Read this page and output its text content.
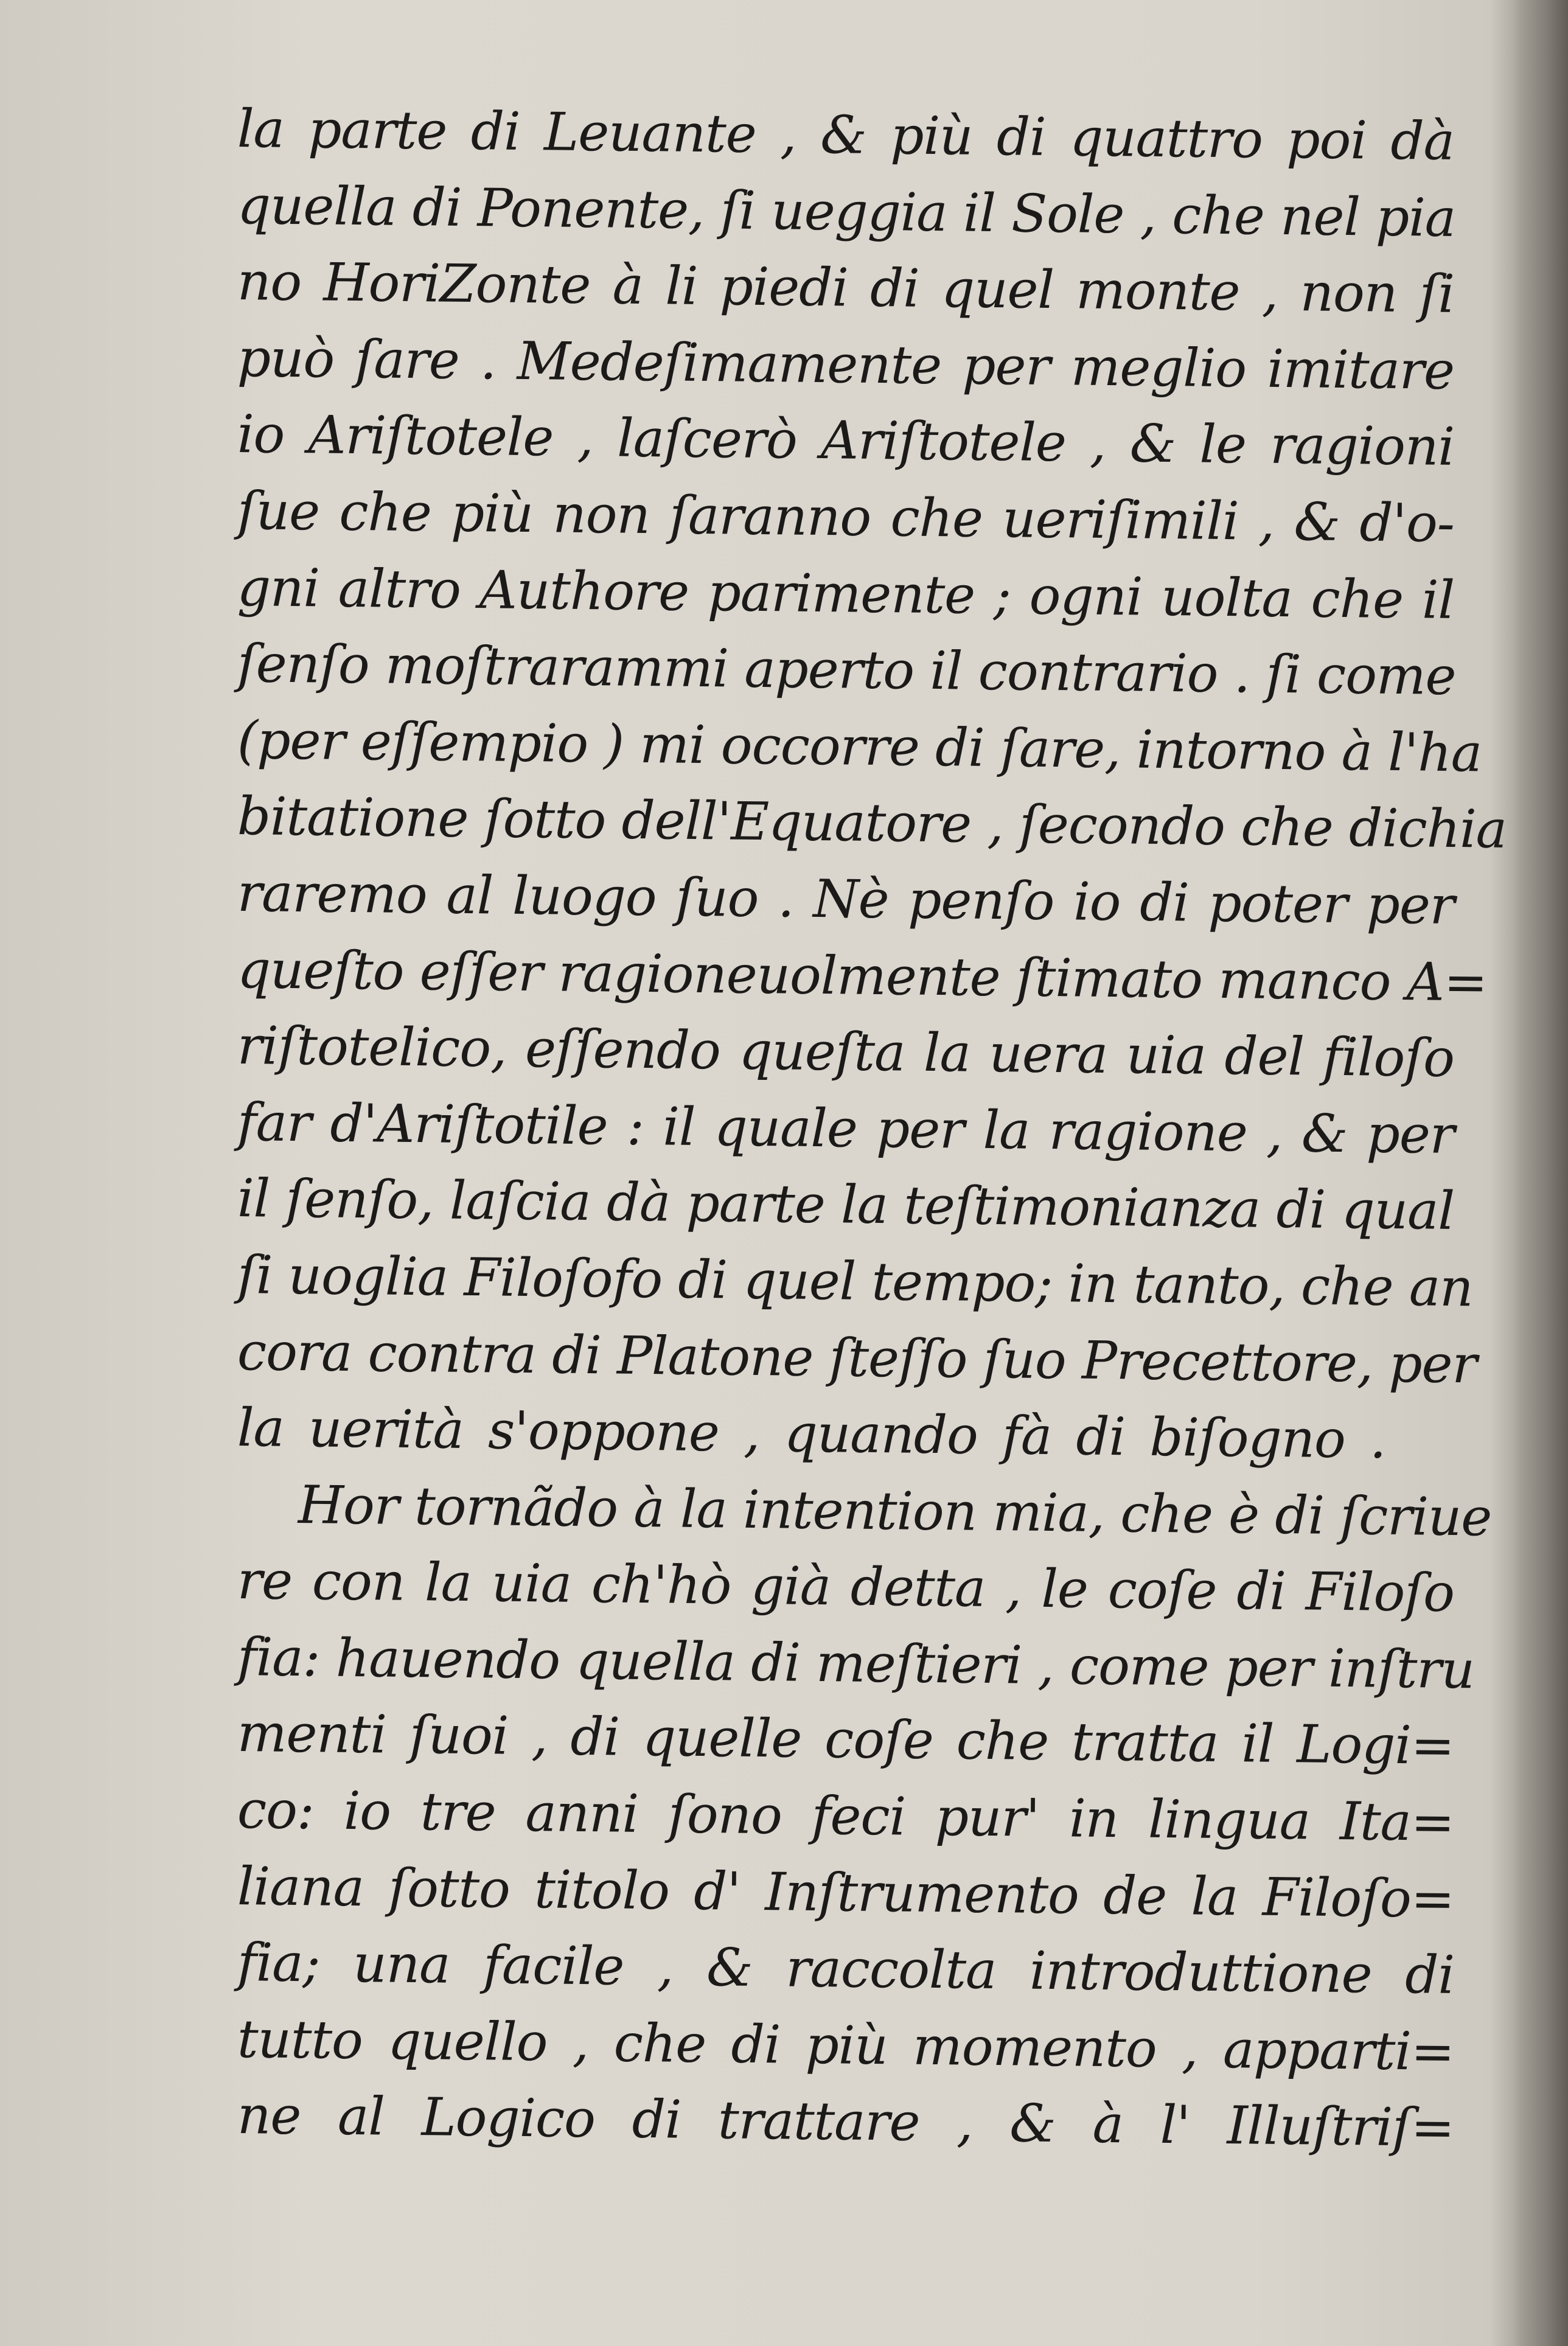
la parte di Leuante , & più di quattro poi dà
quella di Ponente, ſi ueggia il Sole , che nel pia
no HoriZonte à li piedi di quel monte , non ſi
può ſare . Medeſimamente per meglio imitare
io Ariſtotele , laſcerò Ariſtotele , & le ragioni
ſue che più non ſaranno che ueriſimili , & d'o-
gni altro Authore parimente ; ogni uolta che il
ſenſo moſtrarammi aperto il contrario . ſi come
(per eſſempio ) mi occorre di ſare, intorno à l'ha
bitatione ſotto dell'Equatore , ſecondo che dichia
raremo al luogo ſuo . Nè penſo io di poter per
queſto eſſer ragioneuolmente ſtimato manco A=
riſtotelico, eſſendo queſta la uera uia del filoſo
far d'Ariſtotile : il quale per la ragione , & per
il ſenſo, laſcia dà parte la teſtimonianza di qual
ſi uoglia Filoſofo di quel tempo; in tanto, che an
cora contra di Platone ſteſſo ſuo Precettore, per
la uerità s'oppone , quando fà di biſogno .
Hor tornãdo à la intention mia, che è di ſcriue
re con la uia ch'hò già detta , le coſe di Filoſo
fia: hauendo quella di meſtieri , come per inſtru
menti ſuoi , di quelle coſe che tratta il Logi=
co: io tre anni ſono feci pur' in lingua Ita=
liana ſotto titolo d' Inſtrumento de la Filoſo=
fia; una facile , & raccolta introduttione di
tutto quello , che di più momento , apparti=
ne al Logico di trattare , & à l' Illuſtriſ=
